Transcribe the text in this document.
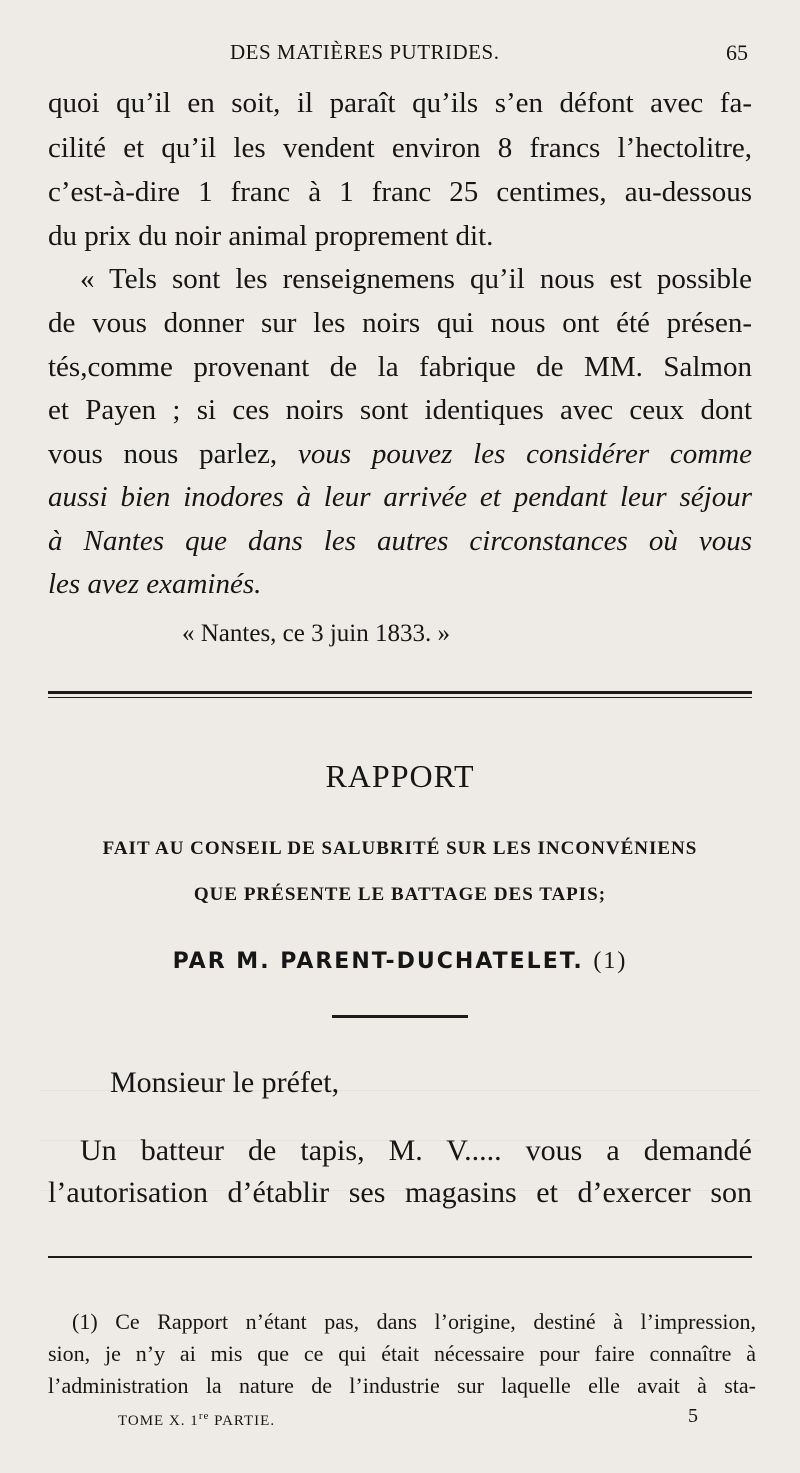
DES MATIÈRES PUTRIDES.	65
quoi qu’il en soit, il paraît qu’ils s’en défont avec fa-
cilité et qu’il les vendent environ 8 francs l’hectolitre,
c’est-à-dire 1 franc à 1 franc 25 centimes, au-dessous
du prix du noir animal proprement dit.
« Tels sont les renseignemens qu’il nous est possible
de vous donner sur les noirs qui nous ont été présen-
tés,comme provenant de la fabrique de MM. Salmon
et Payen ; si ces noirs sont identiques avec ceux dont
vous nous parlez, vous pouvez les considérer comme
aussi bien inodores à leur arrivée et pendant leur séjour
à Nantes que dans les autres circonstances où vous
les avez examinés.
« Nantes, ce 3 juin 1833. »
RAPPORT
FAIT AU CONSEIL DE SALUBRITÉ SUR LES INCONVÉNIENS
QUE PRÉSENTE LE BATTAGE DES TAPIS;
PAR M. PARENT-DUCHATELET. (1)
Monsieur le préfet,
Un batteur de tapis, M. V..... vous a demandé
l’autorisation d’établir ses magasins et d’exercer son
(1) Ce Rapport n’étant pas, dans l’origine, destiné à l’impression,
sion, je n’y ai mis que ce qui était nécessaire pour faire connaître à
l’administration la nature de l’industrie sur laquelle elle avait à sta-
TOME X. 1re PARTIE.	5
